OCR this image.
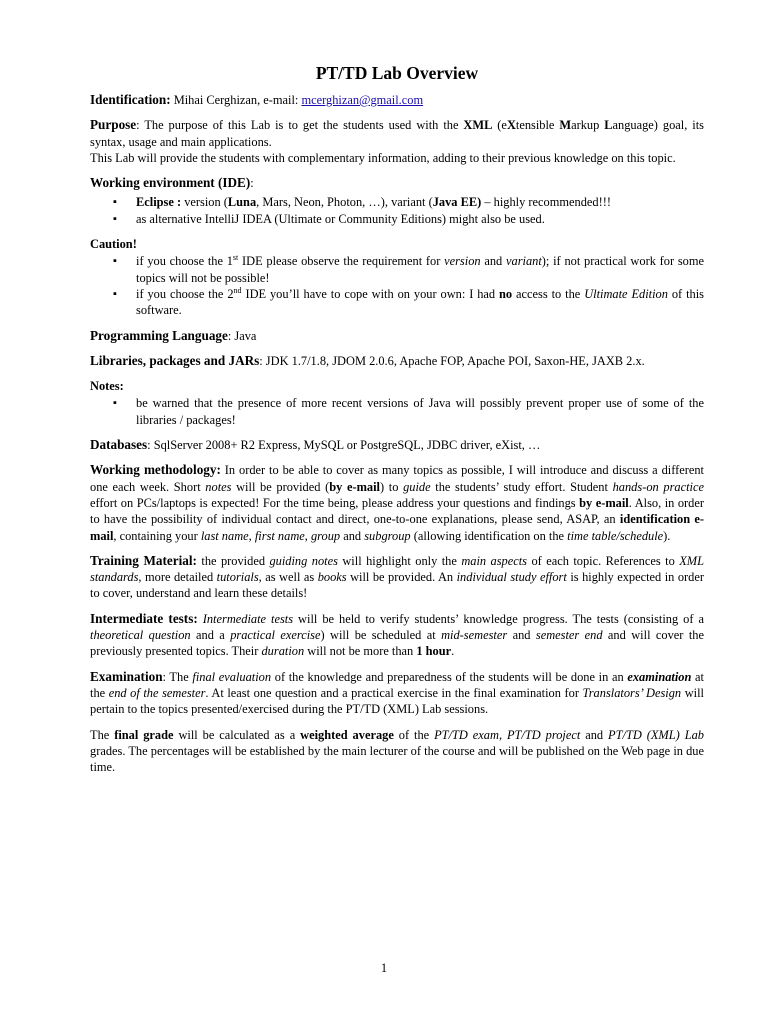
PT/TD Lab Overview

Identification: Mihai Cerghizan, e-mail: mcerghizan@gmail.com

Purpose: The purpose of this Lab is to get the students used with the XML (eXtensible Markup Language) goal, its syntax, usage and main applications.
This Lab will provide the students with complementary information, adding to their previous knowledge on this topic.

Working environment (IDE):
▪ Eclipse : version (Luna, Mars, Neon, Photon, …), variant (Java EE) – highly recommended!!!
▪ as alternative IntelliJ IDEA (Ultimate or Community Editions) might also be used.
Caution!
▪ if you choose the 1st IDE please observe the requirement for version and variant); if not practical work for some topics will not be possible!
▪ if you choose the 2nd IDE you’ll have to cope with on your own: I had no access to the Ultimate Edition of this software.

Programming Language: Java

Libraries, packages and JARs: JDK 1.7/1.8, JDOM 2.0.6, Apache FOP, Apache POI, Saxon-HE, JAXB 2.x.

Notes:
▪ be warned that the presence of more recent versions of Java will possibly prevent proper use of some of the libraries / packages!

Databases: SqlServer 2008+ R2 Express, MySQL or PostgreSQL, JDBC driver, eXist, …

Working methodology: In order to be able to cover as many topics as possible, I will introduce and discuss a different one each week. Short notes will be provided (by e-mail) to guide the students’ study effort. Student hands-on practice effort on PCs/laptops is expected! For the time being, please address your questions and findings by e-mail. Also, in order to have the possibility of individual contact and direct, one-to-one explanations, please send, ASAP, an identification e-mail, containing your last name, first name, group and subgroup (allowing identification on the time table/schedule).

Training Material: the provided guiding notes will highlight only the main aspects of each topic. References to XML standards, more detailed tutorials, as well as books will be provided. An individual study effort is highly expected in order to cover, understand and learn these details!

Intermediate tests: Intermediate tests will be held to verify students’ knowledge progress. The tests (consisting of a theoretical question and a practical exercise) will be scheduled at mid-semester and semester end and will cover the previously presented topics. Their duration will not be more than 1 hour.

Examination: The final evaluation of the knowledge and preparedness of the students will be done in an examination at the end of the semester. At least one question and a practical exercise in the final examination for Translators’ Design will pertain to the topics presented/exercised during the PT/TD (XML) Lab sessions.

The final grade will be calculated as a weighted average of the PT/TD exam, PT/TD project and PT/TD (XML) Lab grades. The percentages will be established by the main lecturer of the course and will be published on the Web page in due time.

1
